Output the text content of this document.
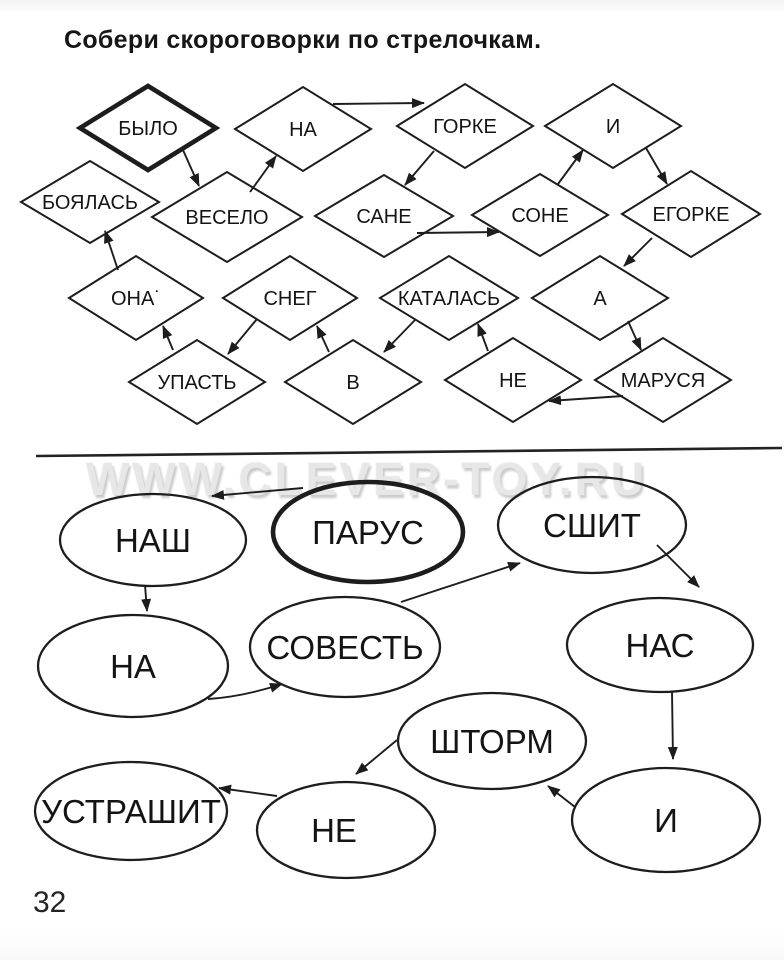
Собери скороговорки по стрелочкам.
WWW.CLEVER-TOY.RU
БЫЛО	НА	ГОРКЕ	И
БОЯЛАСЬ
ВЕСЕЛО	САНЕ	СОНЕ	ЕГОРКЕ
ОНА˙	СНЕГ	КАТАЛАСЬ	А
УПАСТЬ	В	НЕ	МАРУСЯ
НАШ	ПАРУС	СШИТ
НА
СОВЕСТЬ	НАС
ШТОРМ
И
УСТРАШИТ
НЕ
32
